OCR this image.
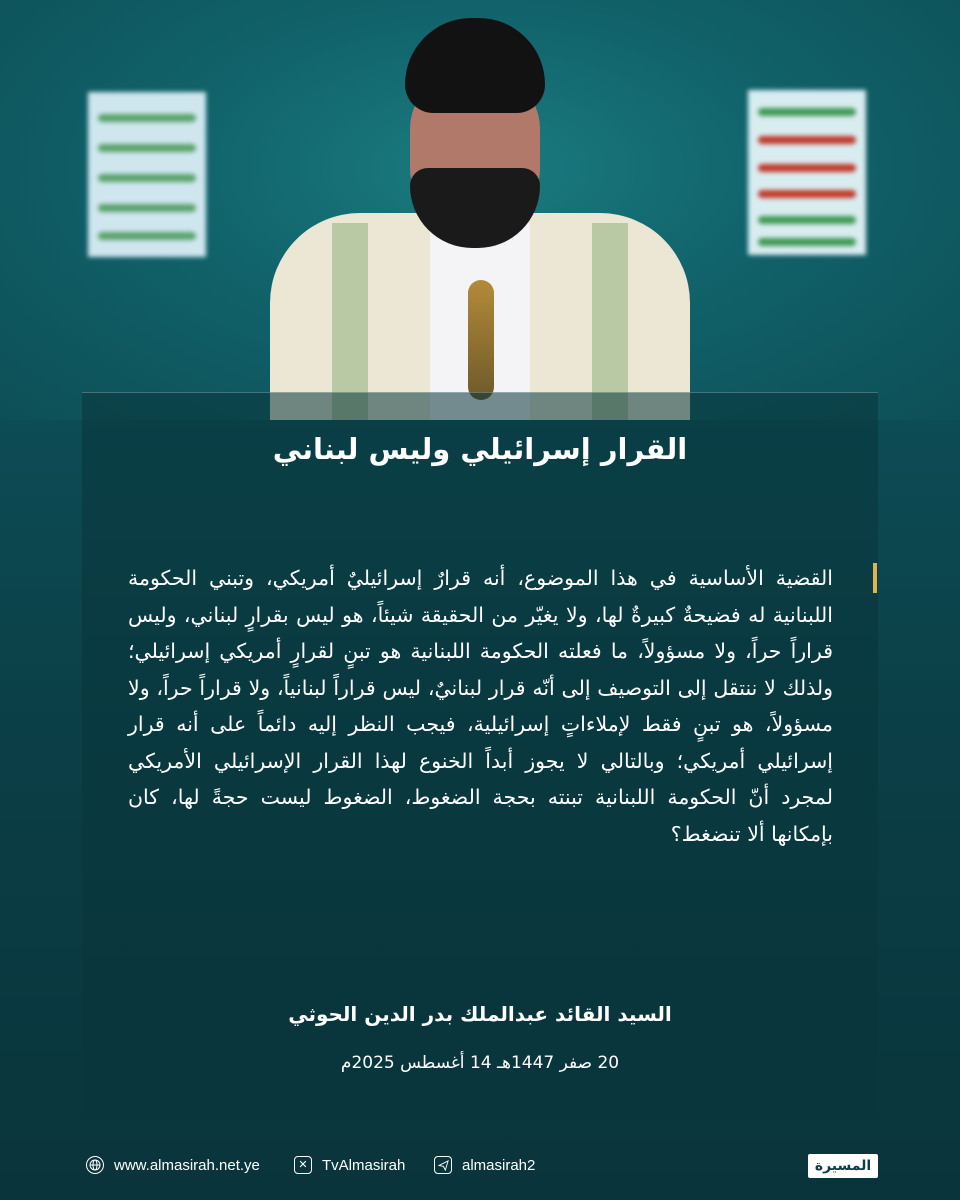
القرار إسرائيلي وليس لبناني
القضية الأساسية في هذا الموضوع، أنه قرارٌ إسرائيليٌ أمريكي، وتبني الحكومة اللبنانية له فضيحةٌ كبيرةٌ لها، ولا يغيّر من الحقيقة شيئاً، هو ليس بقرارٍ لبناني، وليس قراراً حراً، ولا مسؤولاً، ما فعلته الحكومة اللبنانية هو تبنٍ لقرارٍ أمريكي إسرائيلي؛ ولذلك لا ننتقل إلى التوصيف إلى أنّه قرار لبنانيٌ، ليس قراراً لبنانياً، ولا قراراً حراً، ولا مسؤولاً، هو تبنٍ فقط لإملاءاتٍ إسرائيلية، فيجب النظر إليه دائماً على أنه قرار إسرائيلي أمريكي؛ وبالتالي لا يجوز أبداً الخنوع لهذا القرار الإسرائيلي الأمريكي لمجرد أنّ الحكومة اللبنانية تبنته بحجة الضغوط، الضغوط ليست حجةً لها، كان بإمكانها ألا تنضغط؟
السيد القائد عبدالملك بدر الدين الحوثي
20 صفر 1447هـ 14 أغسطس 2025م
www.almasirah.net.ye	✕ TvAlmasirah	almasirah2	المسيرة
